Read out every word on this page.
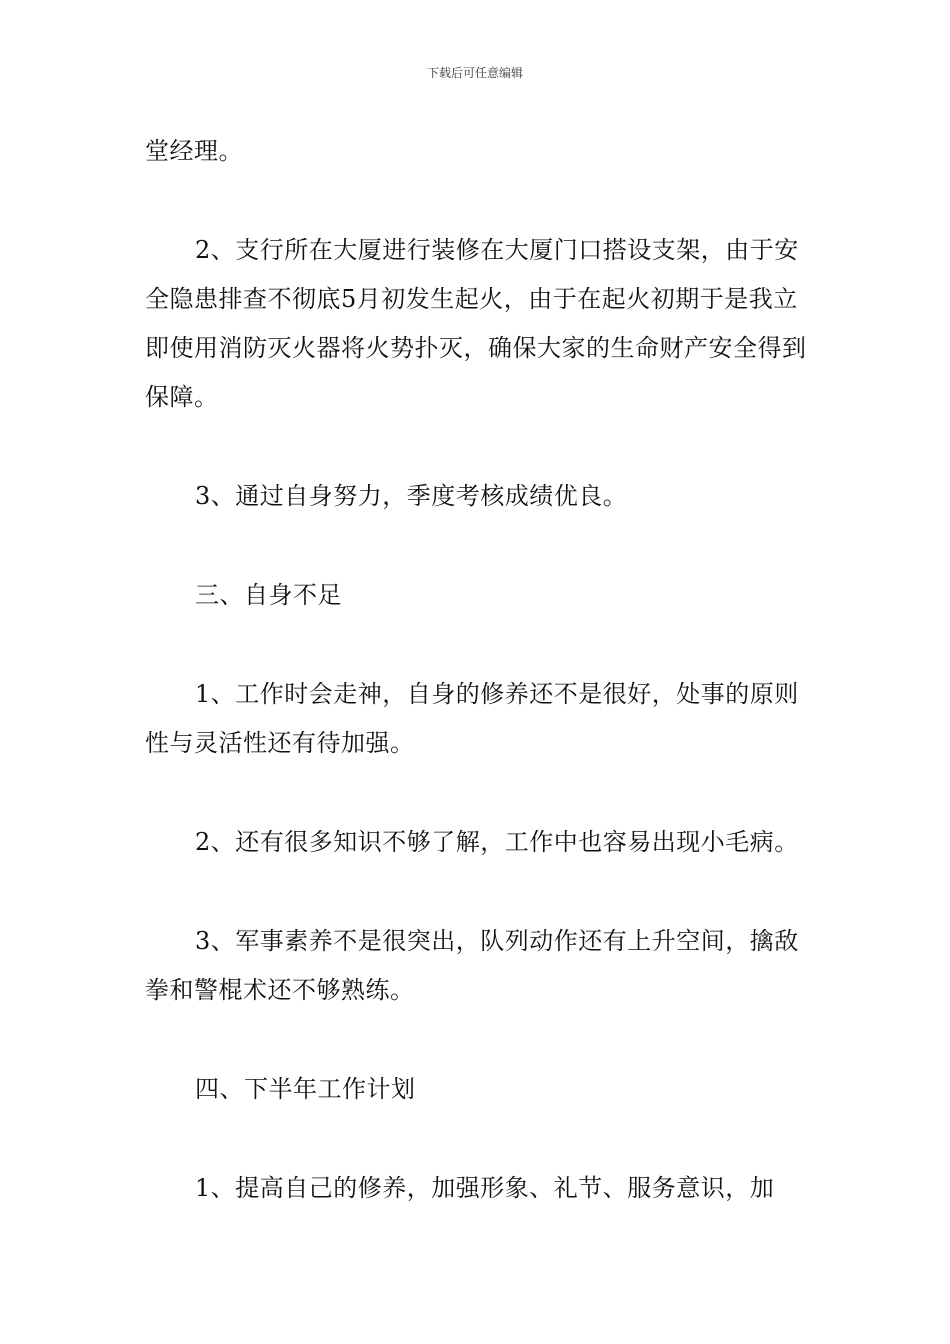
下载后可任意编辑

堂经理。

2、支行所在大厦进行装修在大厦门口搭设支架，由于安全隐患排查不彻底5月初发生起火，由于在起火初期于是我立即使用消防灭火器将火势扑灭，确保大家的生命财产安全得到保障。

3、通过自身努力，季度考核成绩优良。

三、自身不足

1、工作时会走神，自身的修养还不是很好，处事的原则性与灵活性还有待加强。

2、还有很多知识不够了解，工作中也容易出现小毛病。

3、军事素养不是很突出，队列动作还有上升空间，擒敌拳和警棍术还不够熟练。

四、下半年工作计划

1、提高自己的修养，加强形象、礼节、服务意识，加
